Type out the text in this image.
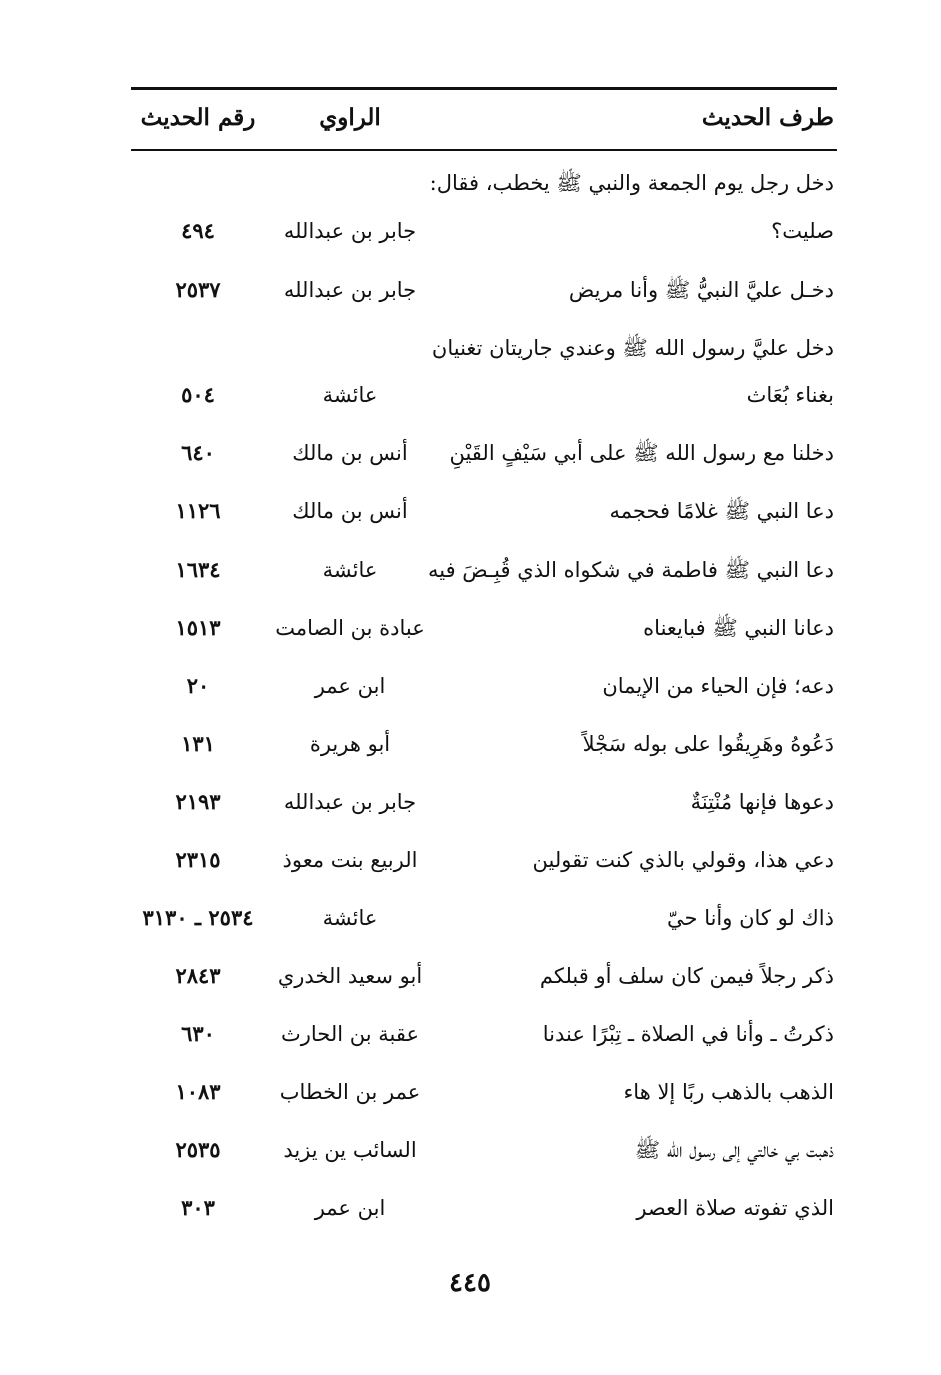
طرف الحديث
الراوي
رقم الحديث
دخل رجل يوم الجمعة والنبي ﷺ يخطب، فقال:
صليت؟
جابر بن عبدالله
٤٩٤
دخـل عليَّ النبيُّ ﷺ وأنا مريض
جابر بن عبدالله
٢٥٣٧
دخل عليَّ رسول الله ﷺ وعندي جاريتان تغنيان
بغناء بُعَاث
عائشة
٥٠٤
دخلنا مع رسول الله ﷺ على أبي سَيْفٍ القَيْنِ
أنس بن مالك
٦٤٠
دعا النبي ﷺ غلامًا فحجمه
أنس بن مالك
١١٢٦
دعا النبي ﷺ فاطمة في شكواه الذي قُبِـضَ فيه
عائشة
١٦٣٤
دعانا النبي ﷺ فبايعناه
عبادة بن الصامت
١٥١٣
دعه؛ فإن الحياء من الإيمان
ابن عمر
٢٠
دَعُوهُ وهَرِيقُوا على بوله سَجْلاً
أبو هريرة
١٣١
دعوها فإنها مُنْتِنَةٌ
جابر بن عبدالله
٢١٩٣
دعي هذا، وقولي بالذي كنت تقولين
الربيع بنت معوذ
٢٣١٥
ذاك لو كان وأنا حيّ
عائشة
٢٥٣٤ ـ ٣١٣٠
ذكر رجلاً فيمن كان سلف أو قبلكم
أبو سعيد الخدري
٢٨٤٣
ذكرتُ ـ وأنا في الصلاة ـ تِبْرًا عندنا
عقبة بن الحارث
٦٣٠
الذهب بالذهب ربًا إلا هاء
عمر بن الخطاب
١٠٨٣
ذهبت بي خالتي إلى رسول الله ﷺ
السائب ين يزيد
٢٥٣٥
الذي تفوته صلاة العصر
ابن عمر
٣٠٣
٤٤٥
